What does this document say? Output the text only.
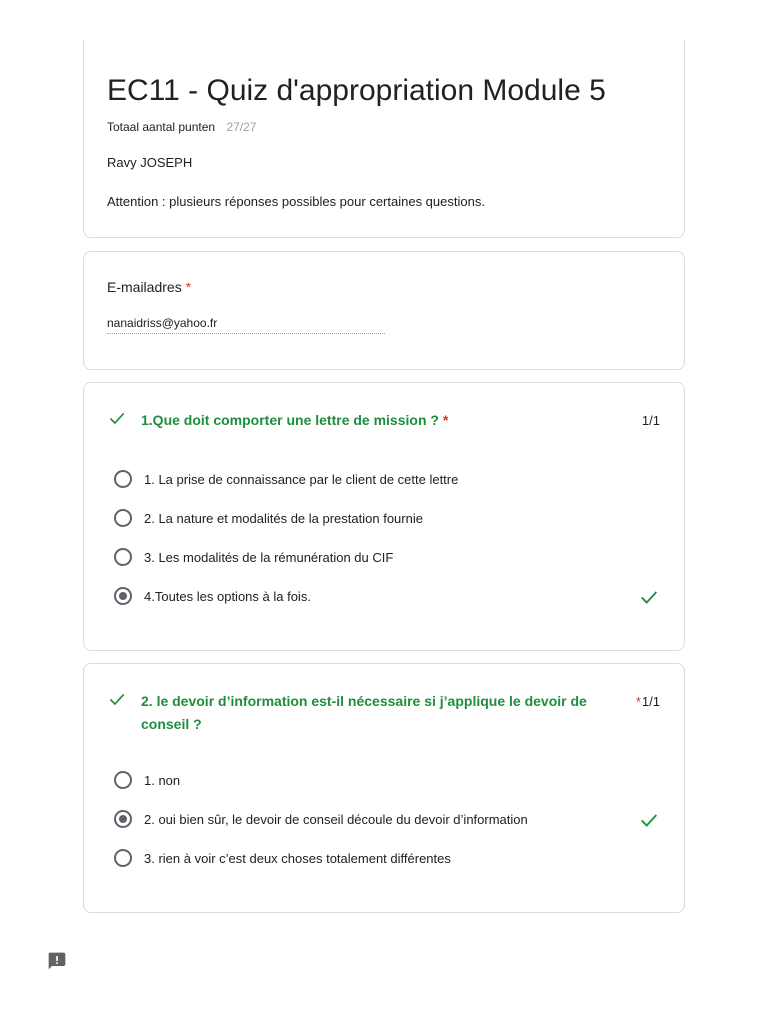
EC11 - Quiz d'appropriation Module 5
Totaal aantal punten 27/27
Ravy JOSEPH
Attention : plusieurs réponses possibles pour certaines questions.
E-mailadres *
nanaidriss@yahoo.fr
1.Que doit comporter une lettre de mission ? *	1/1
1. La prise de connaissance par le client de cette lettre
2. La nature et modalités de la prestation fournie
3. Les modalités de la rémunération du CIF
4.Toutes les options à la fois.
2. le devoir d’information est-il nécessaire si j’applique le devoir de conseil ?
*1/1
1. non
2. oui bien sûr, le devoir de conseil découle du devoir d’information
3. rien à voir c’est deux choses totalement différentes
